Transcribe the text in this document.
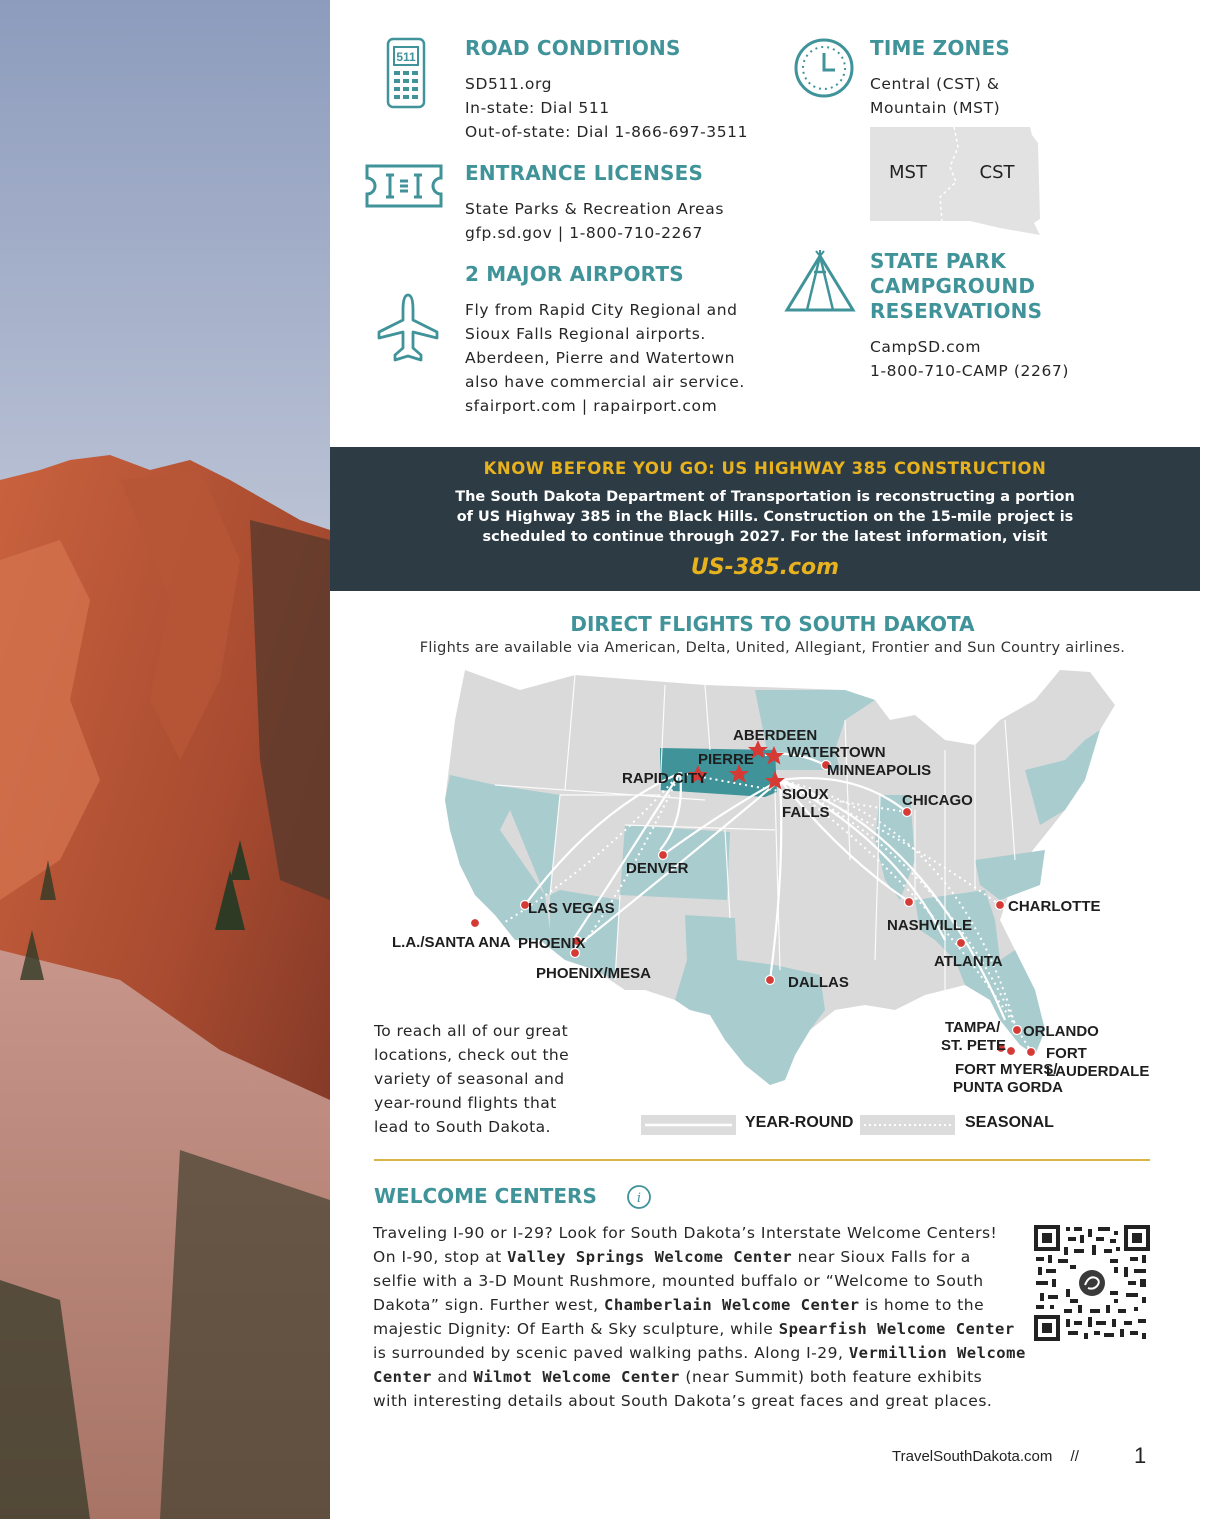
511 ROAD CONDITIONS
SD511.org
In-state: Dial 511
Out-of-state: Dial 1-866-697-3511
TIME ZONES
Central (CST) &
Mountain (MST)
MST	CST
ENTRANCE LICENSES
State Parks & Recreation Areas
gfp.sd.gov | 1-800-710-2267
STATE PARK
CAMPGROUND
RESERVATIONS
CampSD.com
1-800-710-CAMP (2267)
2 MAJOR AIRPORTS
Fly from Rapid City Regional and
Sioux Falls Regional airports.
Aberdeen, Pierre and Watertown
also have commercial air service.
sfairport.com | rapairport.com
KNOW BEFORE YOU GO: US HIGHWAY 385 CONSTRUCTION
The South Dakota Department of Transportation is reconstructing a portion
of US Highway 385 in the Black Hills. Construction on the 15-mile project is
scheduled to continue through 2027. For the latest information, visit
US-385.com
DIRECT FLIGHTS TO SOUTH DAKOTA
Flights are available via American, Delta, United, Allegiant, Frontier and Sun Country airlines.
ABERDEEN
PIERRE WATERTOWN
RAPID CITY
SIOUX
FALLS
MINNEAPOLIS
CHICAGO
DENVER
LAS VEGAS
L.A./SANTA ANA PHOENIX
PHOENIX/MESA
DALLAS
NASHVILLE
CHARLOTTE
ATLANTA
TAMPA/
ST. PETE
ORLANDO
FORT
LAUDERDALE
FORT MYERS/
PUNTA GORDA
To reach all of our great
locations, check out the
variety of seasonal and
year-round flights that
lead to South Dakota.	YEAR-ROUND	SEASONAL
WELCOME CENTERS	i
Traveling I-90 or I-29? Look for South Dakota’s Interstate Welcome Centers!
On I-90, stop at Valley Springs Welcome Center near Sioux Falls for a
selfie with a 3-D Mount Rushmore, mounted buffalo or “Welcome to South
Dakota” sign. Further west, Chamberlain Welcome Center is home to the
majestic Dignity: Of Earth & Sky sculpture, while Spearfish Welcome Center
is surrounded by scenic paved walking paths. Along I-29, Vermillion Welcome
Center and Wilmot Welcome Center (near Summit) both feature exhibits
with interesting details about South Dakota’s great faces and great places.
TravelSouthDakota.com //	1
